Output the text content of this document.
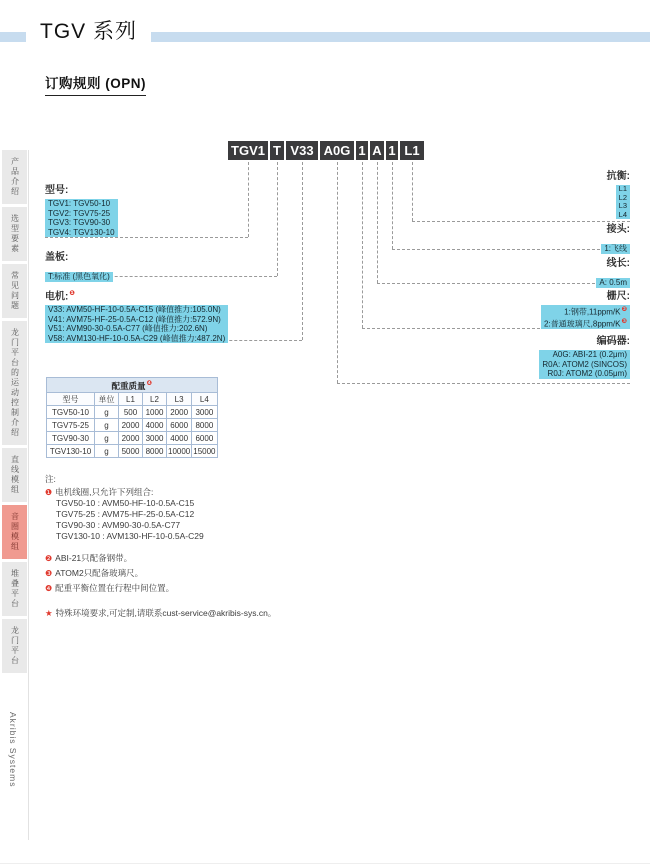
TGV 系列
订购规则 (OPN)
产品介绍
选型要素
常见问题
龙门平台的运动控制介绍
直线模组
音圈模组
堆叠平台
龙门平台
Akribis Systems
TGV1 T V33 A0G 1 A 1 L1
型号:
TGV1: TGV50-10
TGV2: TGV75-25
TGV3: TGV90-30
TGV4: TGV130-10
盖板:
T:标准 (黑色氧化)
电机:$^❶$
V33: AVM50-HF-10-0.5A-C15 (峰值推力:105.0N)
V41: AVM75-HF-25-0.5A-C12 (峰值推力:572.9N)
V51: AVM90-30-0.5A-C77 (峰值推力:202.6N)
V58: AVM130-HF-10-0.5A-C29 (峰值推力:487.2N)
抗衡:
L1
L2
L3
L4
接头:
1:飞线
线长:
A: 0.5m
栅尺:
1:钢带,11ppm/K$^❷$
2:普通玻璃尺,8ppm/K$^❸$
编码器:
A0G: ABI-21 (0.2μm)
R0A: ATOM2 (SINCOS)
R0J: ATOM2 (0.05μm)
配重质量$^❹$
型号	单位	L1	L2	L3	L4
TGV50-10	g	500	1000	2000	3000
TGV75-25	g	2000	4000	6000	8000
TGV90-30	g	2000	3000	4000	6000
TGV130-10	g	5000	8000	10000	15000
注:
❶ 电机线圈,只允许下列组合:
TGV50-10 : AVM50-HF-10-0.5A-C15
TGV75-25 : AVM75-HF-25-0.5A-C12
TGV90-30 : AVM90-30-0.5A-C77
TGV130-10 : AVM130-HF-10-0.5A-C29
❷ ABI-21只配备钢带。
❸ ATOM2只配备玻璃尺。
❹ 配重平衡位置在行程中间位置。
★ 特殊环境要求,可定制,请联系cust-service@akribis-sys.cn。
